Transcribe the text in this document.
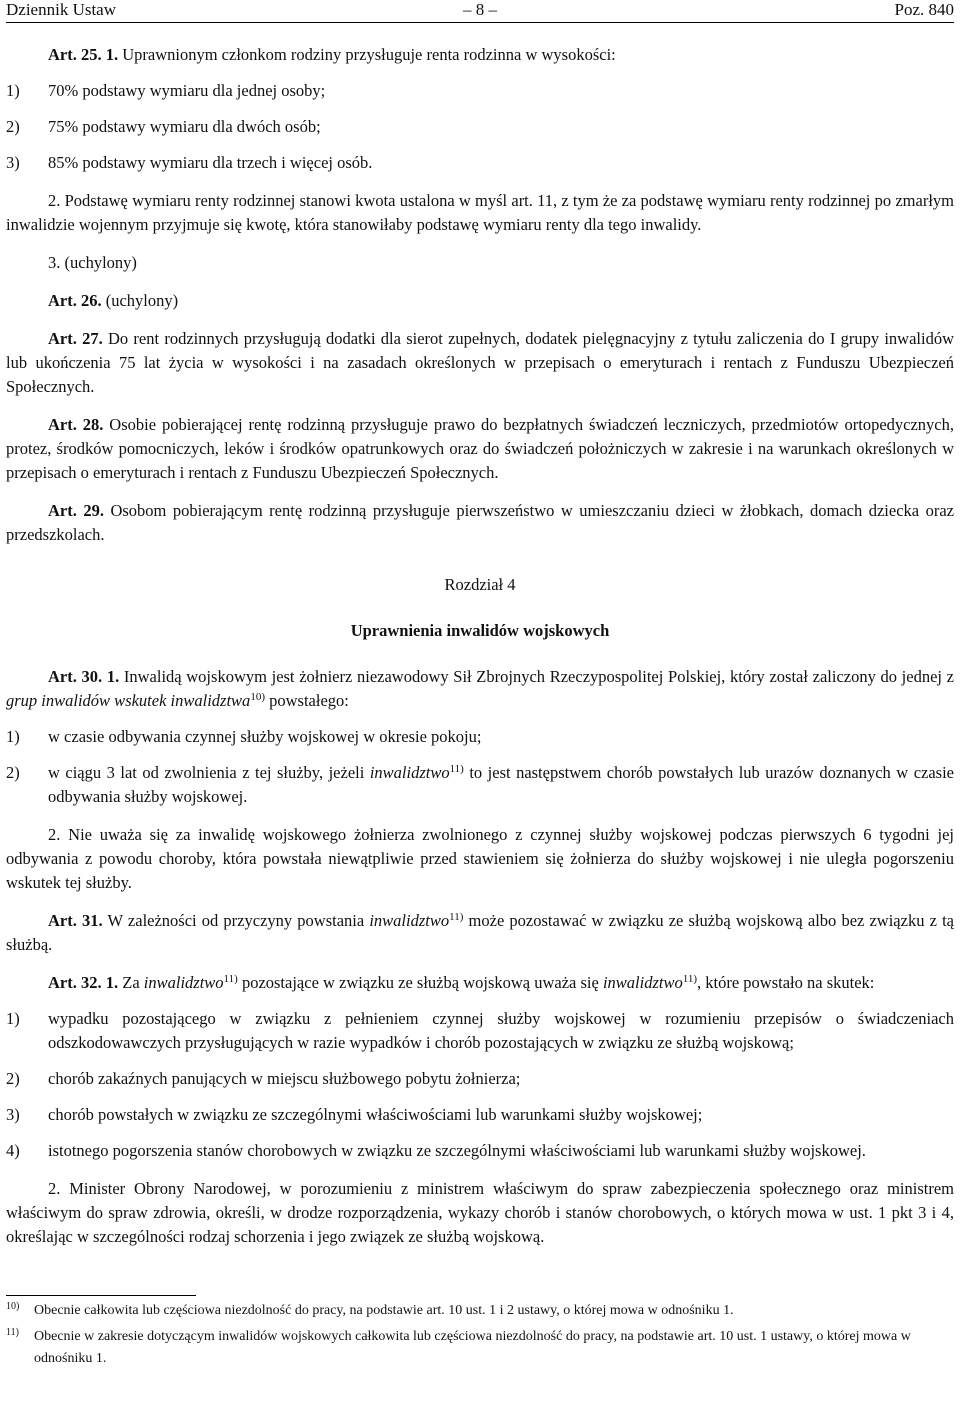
Dziennik Ustaw	– 8 –	Poz. 840

Art. 25. 1. Uprawnionym członkom rodziny przysługuje renta rodzinna w wysokości:

1)	70% podstawy wymiaru dla jednej osoby;
2)	75% podstawy wymiaru dla dwóch osób;
3)	85% podstawy wymiaru dla trzech i więcej osób.

2. Podstawę wymiaru renty rodzinnej stanowi kwota ustalona w myśl art. 11, z tym że za podstawę wymiaru renty rodzinnej po zmarłym inwalidzie wojennym przyjmuje się kwotę, która stanowiłaby podstawę wymiaru renty dla tego inwalidy.

3. (uchylony)

Art. 26. (uchylony)

Art. 27. Do rent rodzinnych przysługują dodatki dla sierot zupełnych, dodatek pielęgnacyjny z tytułu zaliczenia do I grupy inwalidów lub ukończenia 75 lat życia w wysokości i na zasadach określonych w przepisach o emeryturach i rentach z Funduszu Ubezpieczeń Społecznych.

Art. 28. Osobie pobierającej rentę rodzinną przysługuje prawo do bezpłatnych świadczeń leczniczych, przedmiotów ortopedycznych, protez, środków pomocniczych, leków i środków opatrunkowych oraz do świadczeń położniczych w zakresie i na warunkach określonych w przepisach o emeryturach i rentach z Funduszu Ubezpieczeń Społecznych.

Art. 29. Osobom pobierającym rentę rodzinną przysługuje pierwszeństwo w umieszczaniu dzieci w żłobkach, domach dziecka oraz przedszkolach.

Rozdział 4

Uprawnienia inwalidów wojskowych

Art. 30. 1. Inwalidą wojskowym jest żołnierz niezawodowy Sił Zbrojnych Rzeczypospolitej Polskiej, który został zaliczony do jednej z grup inwalidów wskutek inwalidztwa$^{10)}$ powstałego:

1)	w czasie odbywania czynnej służby wojskowej w okresie pokoju;
2)	w ciągu 3 lat od zwolnienia z tej służby, jeżeli inwalidztwo$^{11)}$ to jest następstwem chorób powstałych lub urazów doznanych w czasie odbywania służby wojskowej.

2. Nie uważa się za inwalidę wojskowego żołnierza zwolnionego z czynnej służby wojskowej podczas pierwszych 6 tygodni jej odbywania z powodu choroby, która powstała niewątpliwie przed stawieniem się żołnierza do służby wojskowej i nie uległa pogorszeniu wskutek tej służby.

Art. 31. W zależności od przyczyny powstania inwalidztwo$^{11)}$ może pozostawać w związku ze służbą wojskową albo bez związku z tą służbą.

Art. 32. 1. Za inwalidztwo$^{11)}$ pozostające w związku ze służbą wojskową uważa się inwalidztwo$^{11)}$, które powstało na skutek:

1)	wypadku pozostającego w związku z pełnieniem czynnej służby wojskowej w rozumieniu przepisów o świadczeniach odszkodowawczych przysługujących w razie wypadków i chorób pozostających w związku ze służbą wojskową;
2)	chorób zakaźnych panujących w miejscu służbowego pobytu żołnierza;
3)	chorób powstałych w związku ze szczególnymi właściwościami lub warunkami służby wojskowej;
4)	istotnego pogorszenia stanów chorobowych w związku ze szczególnymi właściwościami lub warunkami służby wojskowej.

2. Minister Obrony Narodowej, w porozumieniu z ministrem właściwym do spraw zabezpieczenia społecznego oraz ministrem właściwym do spraw zdrowia, określi, w drodze rozporządzenia, wykazy chorób i stanów chorobowych, o których mowa w ust. 1 pkt 3 i 4, określając w szczególności rodzaj schorzenia i jego związek ze służbą wojskową.

10)	Obecnie całkowita lub częściowa niezdolność do pracy, na podstawie art. 10 ust. 1 i 2 ustawy, o której mowa w odnośniku 1.
11)	Obecnie w zakresie dotyczącym inwalidów wojskowych całkowita lub częściowa niezdolność do pracy, na podstawie art. 10 ust. 1 ustawy, o której mowa w odnośniku 1.
